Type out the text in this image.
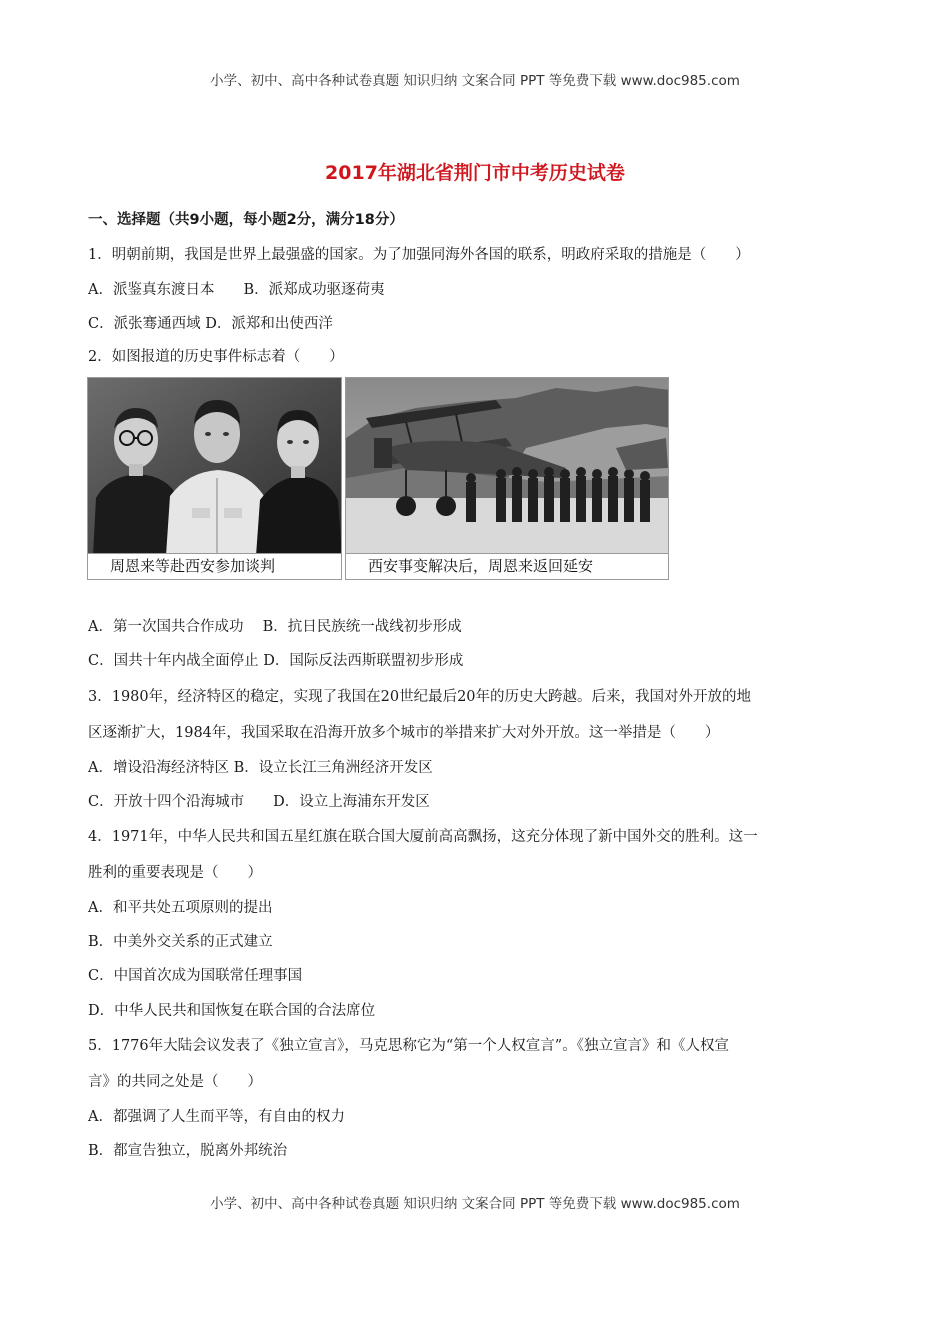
小学、初中、高中各种试卷真题 知识归纳 文案合同 PPT 等免费下载 www.doc985.com
2017年湖北省荆门市中考历史试卷
一、选择题（共9小题，每小题2分，满分18分）
1．明朝前期，我国是世界上最强盛的国家。为了加强同海外各国的联系，明政府采取的措施是（　　）
A．派鉴真东渡日本　　B．派郑成功驱逐荷夷
C．派张骞通西域 D．派郑和出使西洋
2．如图报道的历史事件标志着（　　）
A．第一次国共合作成功　 B．抗日民族统一战线初步形成
C．国共十年内战全面停止 D．国际反法西斯联盟初步形成
3．1980年，经济特区的稳定，实现了我国在20世纪最后20年的历史大跨越。后来，我国对外开放的地
区逐渐扩大，1984年，我国采取在沿海开放多个城市的举措来扩大对外开放。这一举措是（　　）
A．增设沿海经济特区 B．设立长江三角洲经济开发区
C．开放十四个沿海城市　　D．设立上海浦东开发区
4．1971年，中华人民共和国五星红旗在联合国大厦前高高飘扬，这充分体现了新中国外交的胜利。这一
胜利的重要表现是（　　）
A．和平共处五项原则的提出
B．中美外交关系的正式建立
C．中国首次成为国联常任理事国
D．中华人民共和国恢复在联合国的合法席位
5．1776年大陆会议发表了《独立宣言》，马克思称它为“第一个人权宣言”。《独立宣言》和《人权宣
言》的共同之处是（　　）
A．都强调了人生而平等，有自由的权力
B．都宣告独立，脱离外邦统治
周恩来等赴西安参加谈判	西安事变解决后，周恩来返回延安
小学、初中、高中各种试卷真题 知识归纳 文案合同 PPT 等免费下载 www.doc985.com
